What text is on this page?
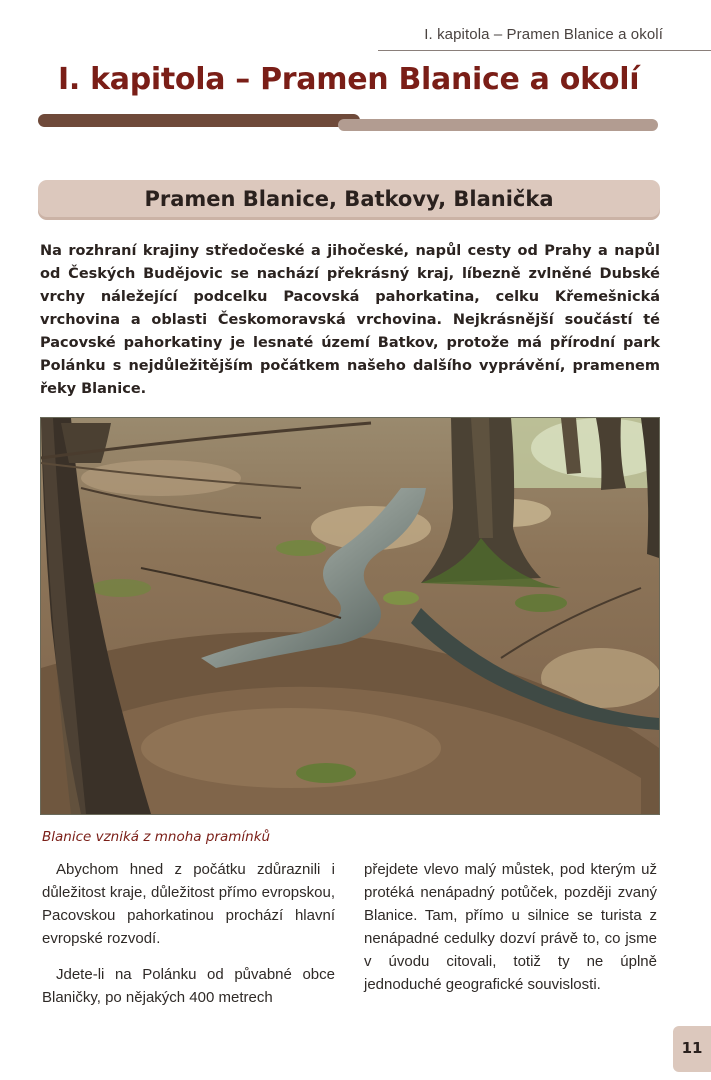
I. kapitola – Pramen Blanice a okolí
I. kapitola – Pramen Blanice a okolí
Pramen Blanice, Batkovy, Blanička

Na rozhraní krajiny středočeské a jihočeské, napůl cesty od Prahy a napůl od Českých Budějovic se nachází překrásný kraj, líbezně zvlněné Dubské vrchy náležející podcelku Pacovská pahorkatina, celku Křemešnická vrchovina a oblasti Českomoravská vrchovina. Nejkrásnější součástí té Pacovské pahorkatiny je lesnaté území Batkov, protože má přírodní park Polánku s nejdůležitějším počátkem našeho dalšího vyprávění, pramenem řeky Blanice.

Blanice vzniká z mnoha pramínků

Abychom hned z počátku zdůraznili i důležitost kraje, důležitost přímo evropskou, Pacovskou pahorkatinou prochází hlavní evropské rozvodí.

Jdete-li na Polánku od půvabné obce Blaničky, po nějakých 400 metrech

přejdete vlevo malý můstek, pod kterým už protéká nenápadný potůček, později zvaný Blanice. Tam, přímo u silnice se turista z nenápadné cedulky dozví právě to, co jsme v úvodu citovali, totiž ty ne úplně jednoduché geografické souvislosti.

11
